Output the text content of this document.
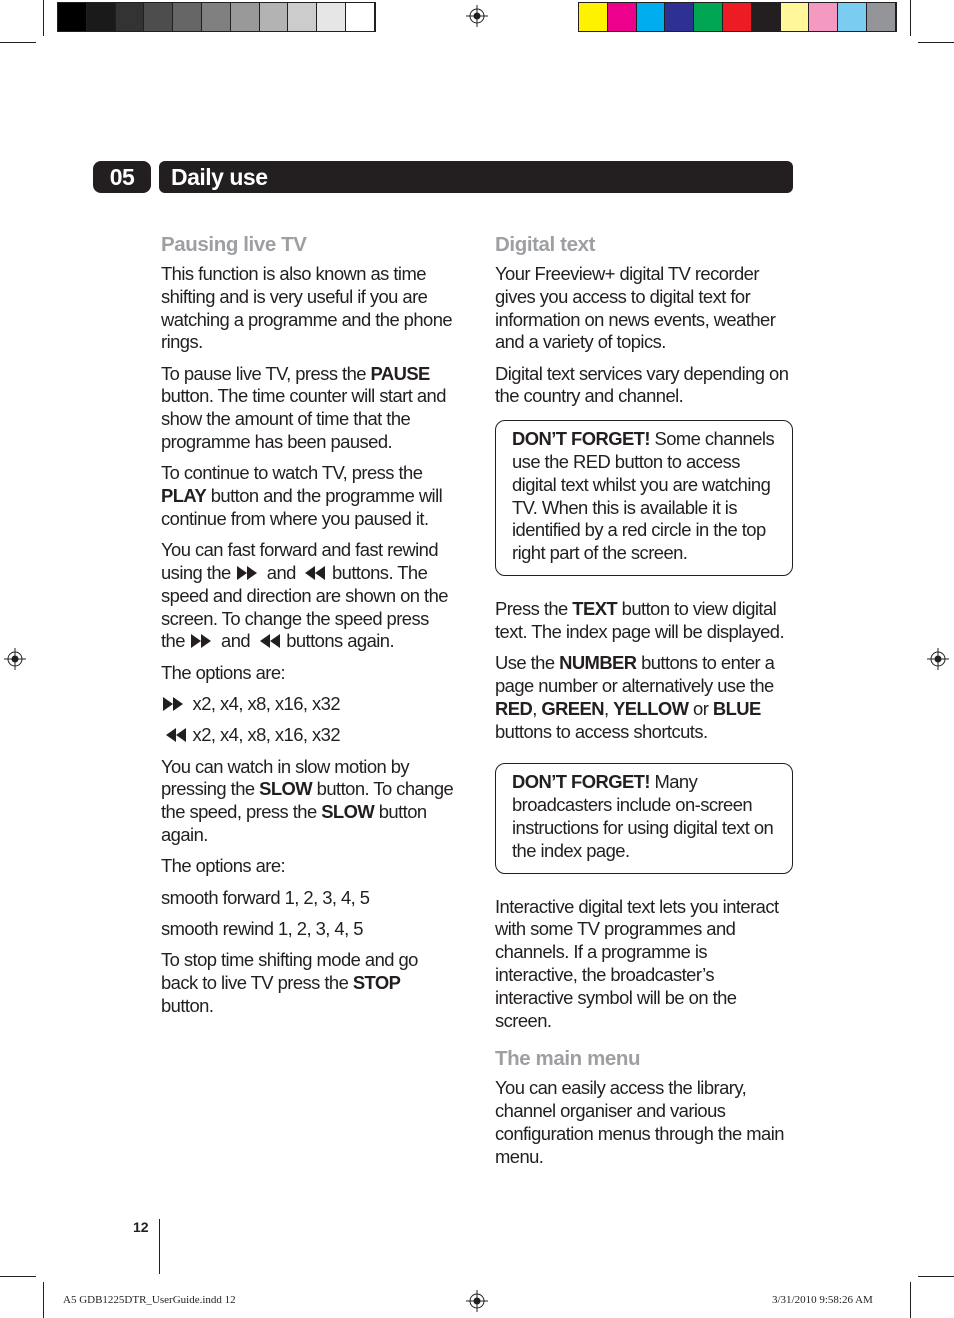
05	Daily use
Pausing live TV

This function is also known as time shifting and is very useful if you are watching a programme and the phone rings.

To pause live TV, press the PAUSE button. The time counter will start and show the amount of time that the programme has been paused.

To continue to watch TV, press the PLAY button and the programme will continue from where you paused it.

You can fast forward and fast rewind using the
and
buttons. The speed and direction are shown on the screen. To change the speed press the
and
buttons again.

The options are:

x2, x4, x8, x16, x32

x2, x4, x8, x16, x32

You can watch in slow motion by pressing the SLOW button. To change the speed, press the SLOW button again.

The options are:

smooth forward 1, 2, 3, 4, 5

smooth rewind 1, 2, 3, 4, 5

To stop time shifting mode and go back to live TV press the STOP button.

Digital text

Your Freeview+ digital TV recorder gives you access to digital text for information on news events, weather and a variety of topics.

Digital text services vary depending on the country and channel.

DON’T FORGET! Some channels use the RED button to access digital text whilst you are watching TV. When this is available it is identified by a red circle in the top right part of the screen.

Press the TEXT button to view digital text. The index page will be displayed.

Use the NUMBER buttons to enter a page number or alternatively use the RED, GREEN, YELLOW or BLUE buttons to access shortcuts.

DON’T FORGET! Many broadcasters include on-screen instructions for using digital text on the index page.

Interactive digital text lets you interact with some TV programmes and channels. If a programme is interactive, the broadcaster’s interactive symbol will be on the screen.

The main menu

You can easily access the library, channel organiser and various configuration menus through the main menu.

12
A5 GDB1225DTR_UserGuide.indd 12	3/31/2010 9:58:26 AM
